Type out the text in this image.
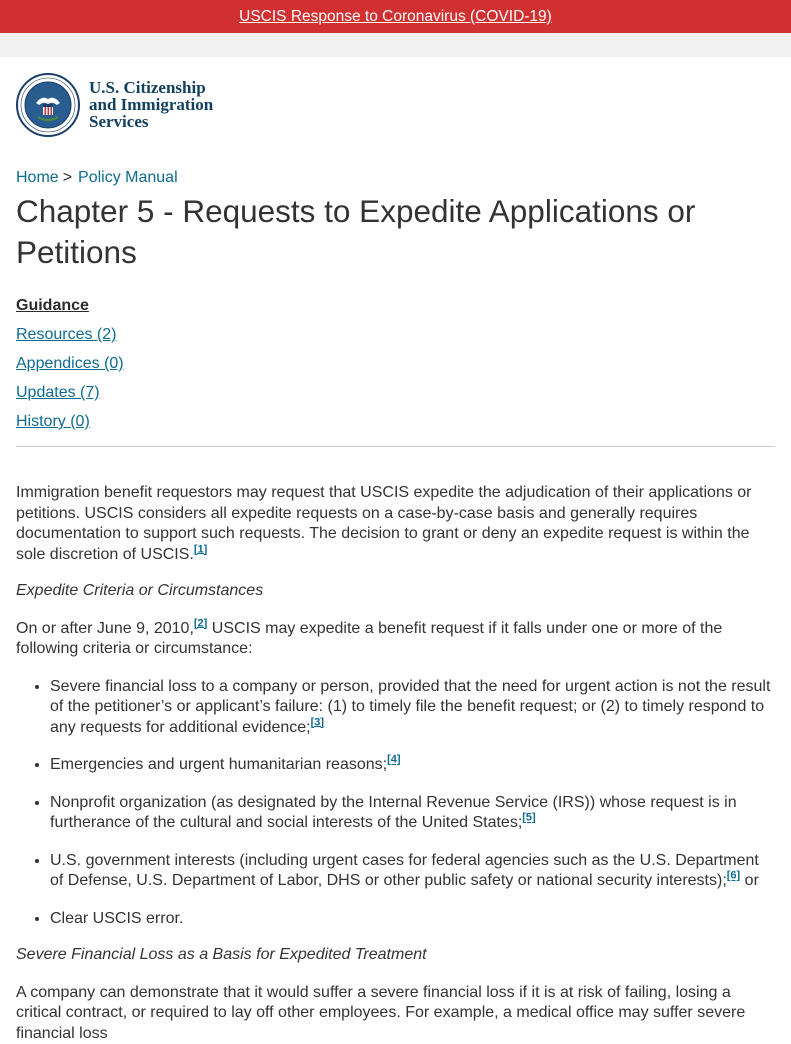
USCIS Response to Coronavirus (COVID-19)
U.S. Citizenship
and Immigration
Services
Home > Policy Manual
Chapter 5 - Requests to Expedite Applications or Petitions
Guidance
Resources (2)
Appendices (0)
Updates (7)
History (0)

Immigration benefit requestors may request that USCIS expedite the adjudication of their applications or petitions. USCIS considers all expedite requests on a case-by-case basis and generally requires documentation to support such requests. The decision to grant or deny an expedite request is within the sole discretion of USCIS.[1]

Expedite Criteria or Circumstances

On or after June 9, 2010,[2] USCIS may expedite a benefit request if it falls under one or more of the following criteria or circumstance:

• Severe financial loss to a company or person, provided that the need for urgent action is not the result of the petitioner’s or applicant’s failure: (1) to timely file the benefit request; or (2) to timely respond to any requests for additional evidence;[3]
• Emergencies and urgent humanitarian reasons;[4]
• Nonprofit organization (as designated by the Internal Revenue Service (IRS)) whose request is in furtherance of the cultural and social interests of the United States;[5]
• U.S. government interests (including urgent cases for federal agencies such as the U.S. Department of Defense, U.S. Department of Labor, DHS or other public safety or national security interests);[6] or
• Clear USCIS error.

Severe Financial Loss as a Basis for Expedited Treatment

A company can demonstrate that it would suffer a severe financial loss if it is at risk of failing, losing a critical contract, or required to lay off other employees. For example, a medical office may suffer severe financial loss
